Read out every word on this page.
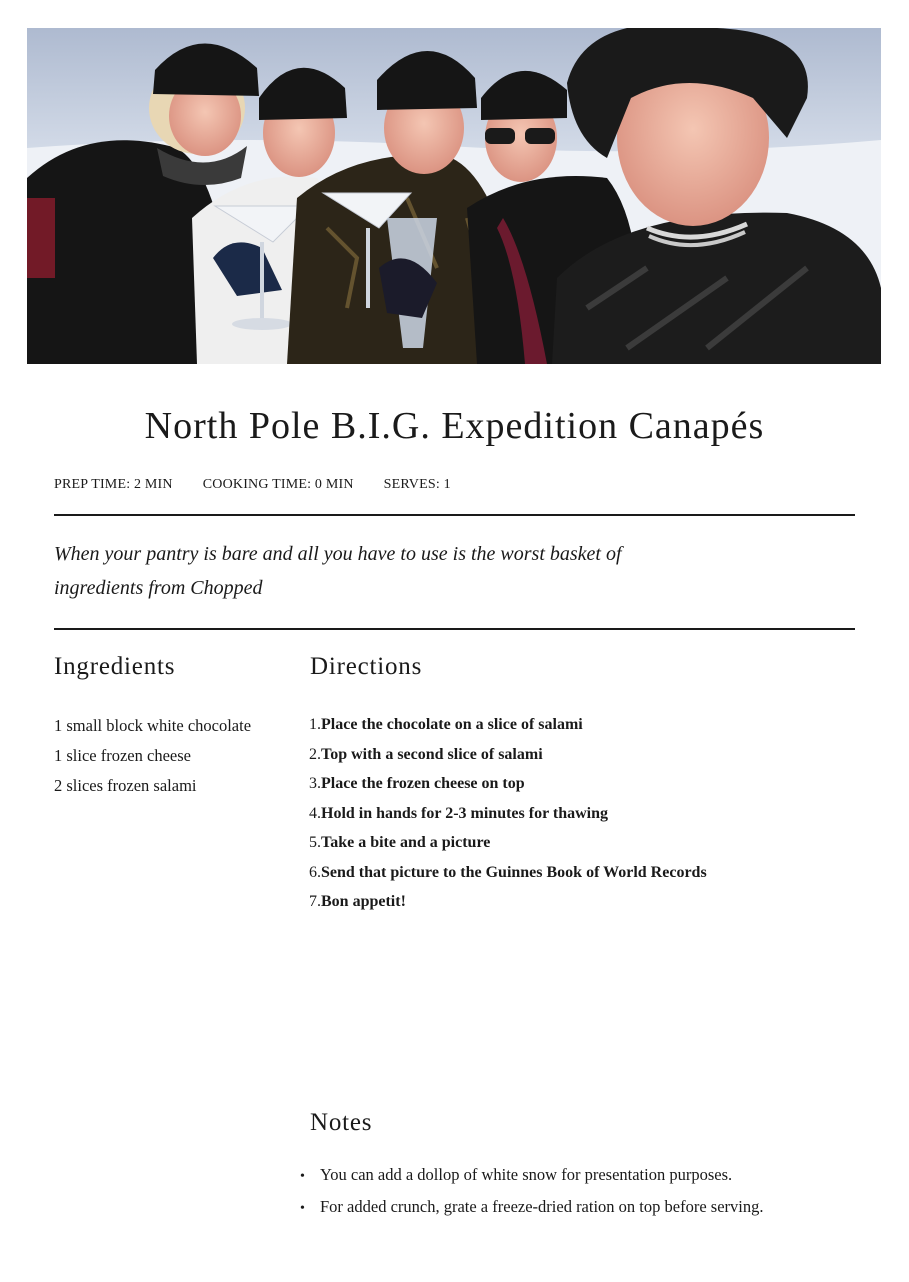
North Pole B.I.G. Expedition Canapés
PREP TIME: 2 MIN COOKING TIME: 0 MIN SERVES: 1

When your pantry is bare and all you have to use is the worst basket of
ingredients from Chopped

Ingredients
1 small block white chocolate
1 slice frozen cheese
2 slices frozen salami
Directions
1.Place the chocolate on a slice of salami
2.Top with a second slice of salami
3.Place the frozen cheese on top
4.Hold in hands for 2-3 minutes for thawing
5.Take a bite and a picture
6.Send that picture to the Guinnes Book of World Records
7.Bon appetit!
Notes
• You can add a dollop of white snow for presentation purposes.
• For added crunch, grate a freeze-dried ration on top before serving.
